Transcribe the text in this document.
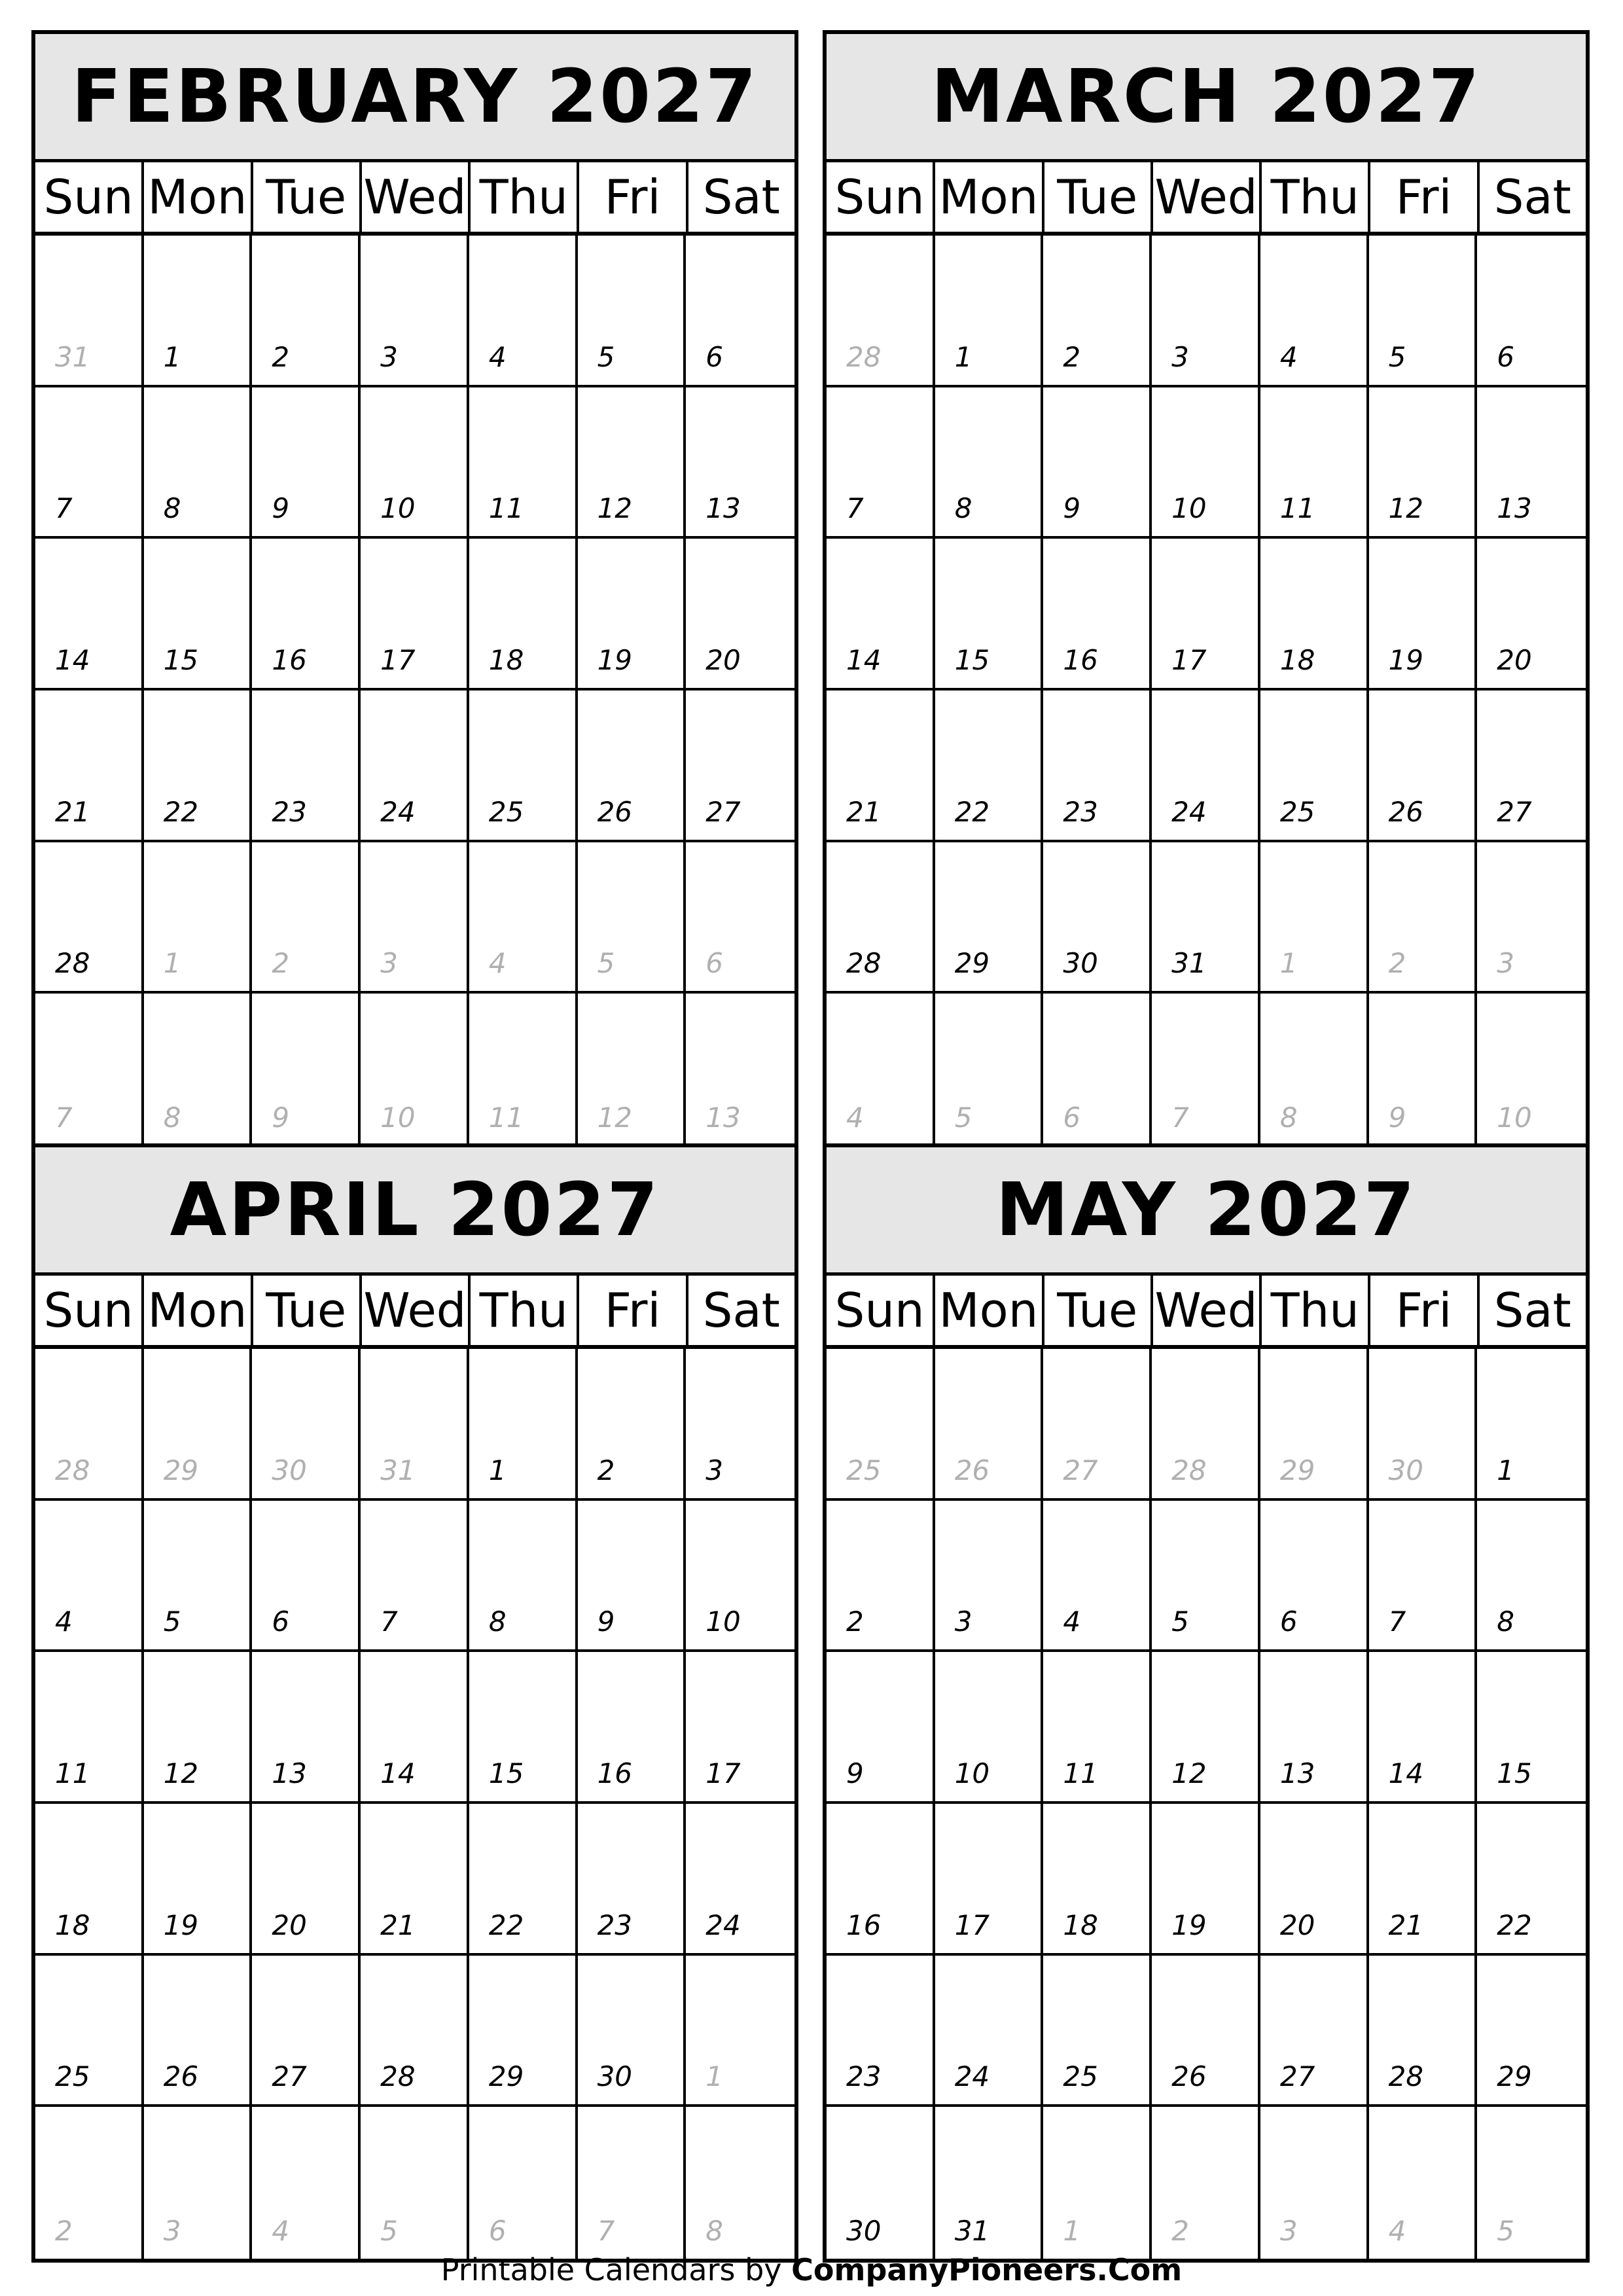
FEBRUARY 2027
Sun Mon Tue Wed Thu Fri Sat
31	1	2	3	4	5	6
7	8	9	10	11	12	13
14	15	16	17	18	19	20
21	22	23	24	25	26	27
28	1	2	3	4	5	6
7	8	9	10	11	12	13
MARCH 2027
Sun Mon Tue Wed Thu Fri Sat
28	1	2	3	4	5	6
7	8	9	10	11	12	13
14	15	16	17	18	19	20
21	22	23	24	25	26	27
28	29	30	31	1	2	3
4	5	6	7	8	9	10
APRIL 2027
Sun Mon Tue Wed Thu Fri Sat
28	29	30	31	1	2	3
4	5	6	7	8	9	10
11	12	13	14	15	16	17
18	19	20	21	22	23	24
25	26	27	28	29	30	1
2	3	4	5	6	7	8
MAY 2027
Sun Mon Tue Wed Thu Fri Sat
25	26	27	28	29	30	1
2	3	4	5	6	7	8
9	10	11	12	13	14	15
16	17	18	19	20	21	22
23	24	25	26	27	28	29
30	31	1	2	3	4	5
Printable Calendars by CompanyPioneers.Com
